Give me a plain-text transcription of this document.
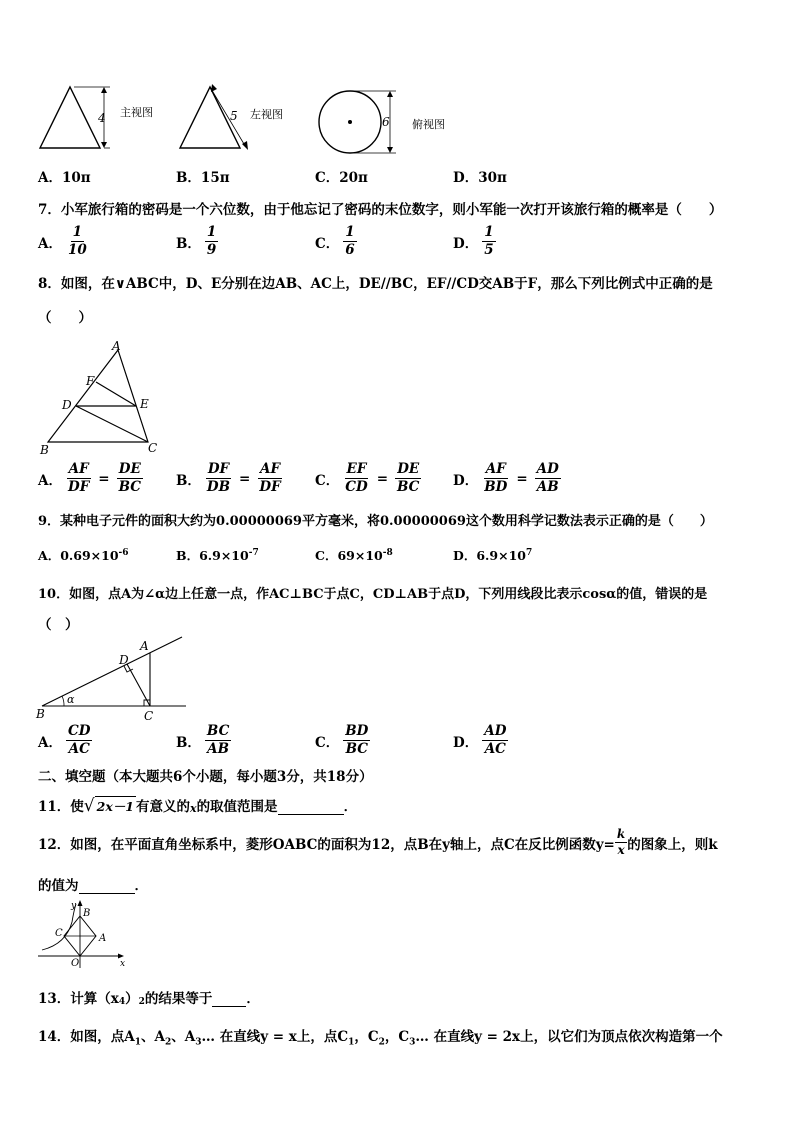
4 主视图	5 左视图
6 俯视图
A．10π	B．15π	C．20π	D．30π
7．小军旅行箱的密码是一个六位数，由于他忘记了密码的末位数字，则小军能一次打开该旅行箱的概率是（　　）
A． $\frac{1}{10}$	B． $\frac{1}{9}$	C． $\frac{1}{6}$	D． $\frac{1}{5}$
8．如图，在∨ABC中，D、E分别在边AB、AC上，DE//BC，EF//CD交AB于F，那么下列比例式中正确的是
（　　）
A
F
D	E
B	C
A． $\frac{AF}{DF} = \frac{DE}{BC}$ B． $\frac{DF}{DB} = \frac{AF}{DF}$ C． $\frac{EF}{CD} = \frac{DE}{BC}$ D． $\frac{AF}{BD} = \frac{AD}{AB}$
9．某种电子元件的面积大约为0.00000069平方毫米，将0.00000069这个数用科学记数法表示正确的是（　　）
A．$0.69\times 10^{-6}$	B．$6.9\times 10^{-7}$	C．$69\times 10^{-8}$	D．$6.9\times 10^7$
10．如图，点A为∠α边上任意一点，作AC⊥BC于点C，CD⊥AB于点D，下列用线段比表示cosα的值，错误的是
（　）
α
B	C
D
A
A． $\frac{CD}{AC}$	B． $\frac{BC}{AB}$	C． $\frac{BD}{BC}$	D． $\frac{AD}{AC}$
二、填空题（本大题共6个小题，每小题3分，共18分）
11．使 √ 2x－1 有意义的 x 的取值范围是	．
12．如图，在平面直角坐标系中，菱形OABC的面积为12，点B在y轴上，点C在反比例函数$y= \frac{k}{x}$ 的图象上，则k
的值为	．
B
C	A
O	x
y
13．计算（$x_4$ ）$_2$ 的结果等于	．
14．如图，点$A_1$、$A_2$、$A_3\dots$ 在直线y = x上，点$C_1$，$C_2$，$C_3\dots$ 在直线y = 2x上，以它们为顶点依次构造第一个
